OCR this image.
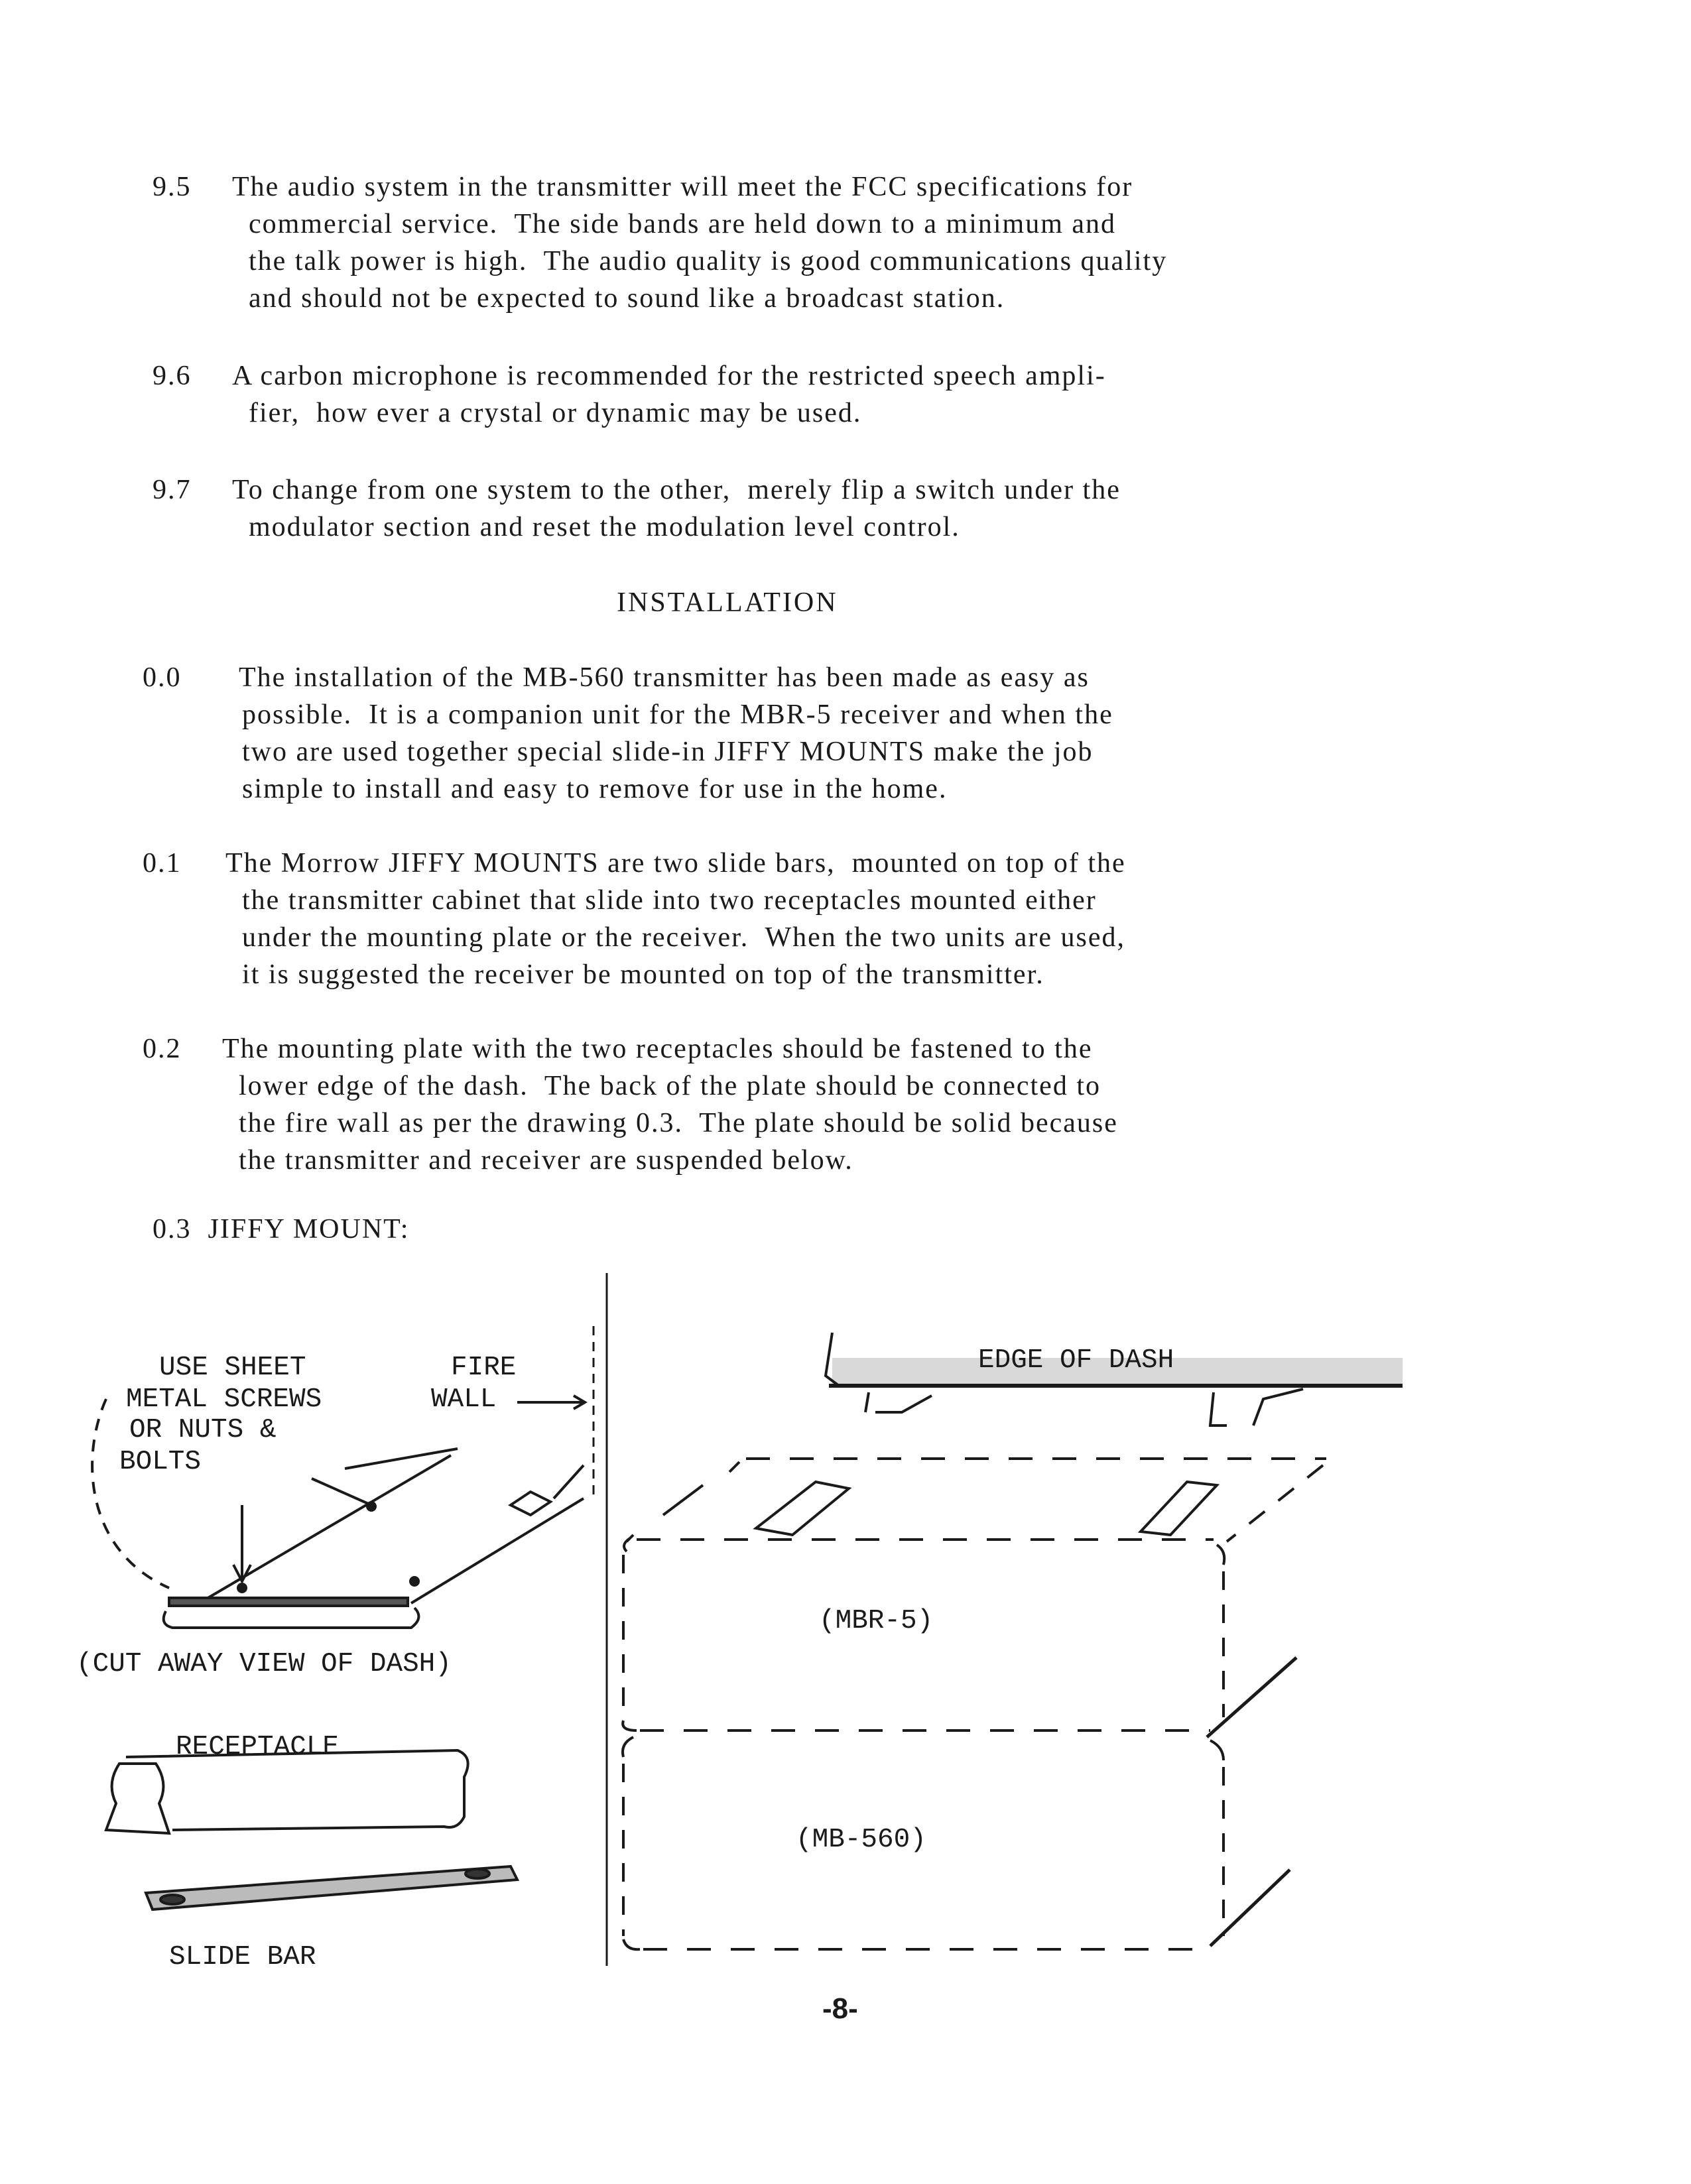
9.5	The audio system in the transmitter will meet the FCC specifications for
commercial service.  The side bands are held down to a minimum and
the talk power is high.  The audio quality is good communications quality
and should not be expected to sound like a broadcast station.
9.6	A carbon microphone is recommended for the restricted speech ampli-
fier,  how ever a crystal or dynamic may be used.
9.7	To change from one system to the other,  merely flip a switch under the
modulator section and reset the modulation level control.
INSTALLATION
0.0	The installation of the MB-560 transmitter has been made as easy as
possible.  It is a companion unit for the MBR-5 receiver and when the
two are used together special slide-in JIFFY MOUNTS make the job
simple to install and easy to remove for use in the home.
0.1	The Morrow JIFFY MOUNTS are two slide bars,  mounted on top of the
the transmitter cabinet that slide into two receptacles mounted either
under the mounting plate or the receiver.  When the two units are used,
it is suggested the receiver be mounted on top of the transmitter.
0.2	The mounting plate with the two receptacles should be fastened to the
lower edge of the dash.  The back of the plate should be connected to
the fire wall as per the drawing 0.3.  The plate should be solid because
the transmitter and receiver are suspended below.
0.3 JIFFY MOUNT:
USE SHEET
METAL SCREWS
OR NUTS &
BOLTS
FIRE
WALL
(CUT AWAY VIEW OF DASH)
RECEPTACLE
SLIDE BAR
EDGE OF DASH
(MBR-5)
(MB-560)
-8-
